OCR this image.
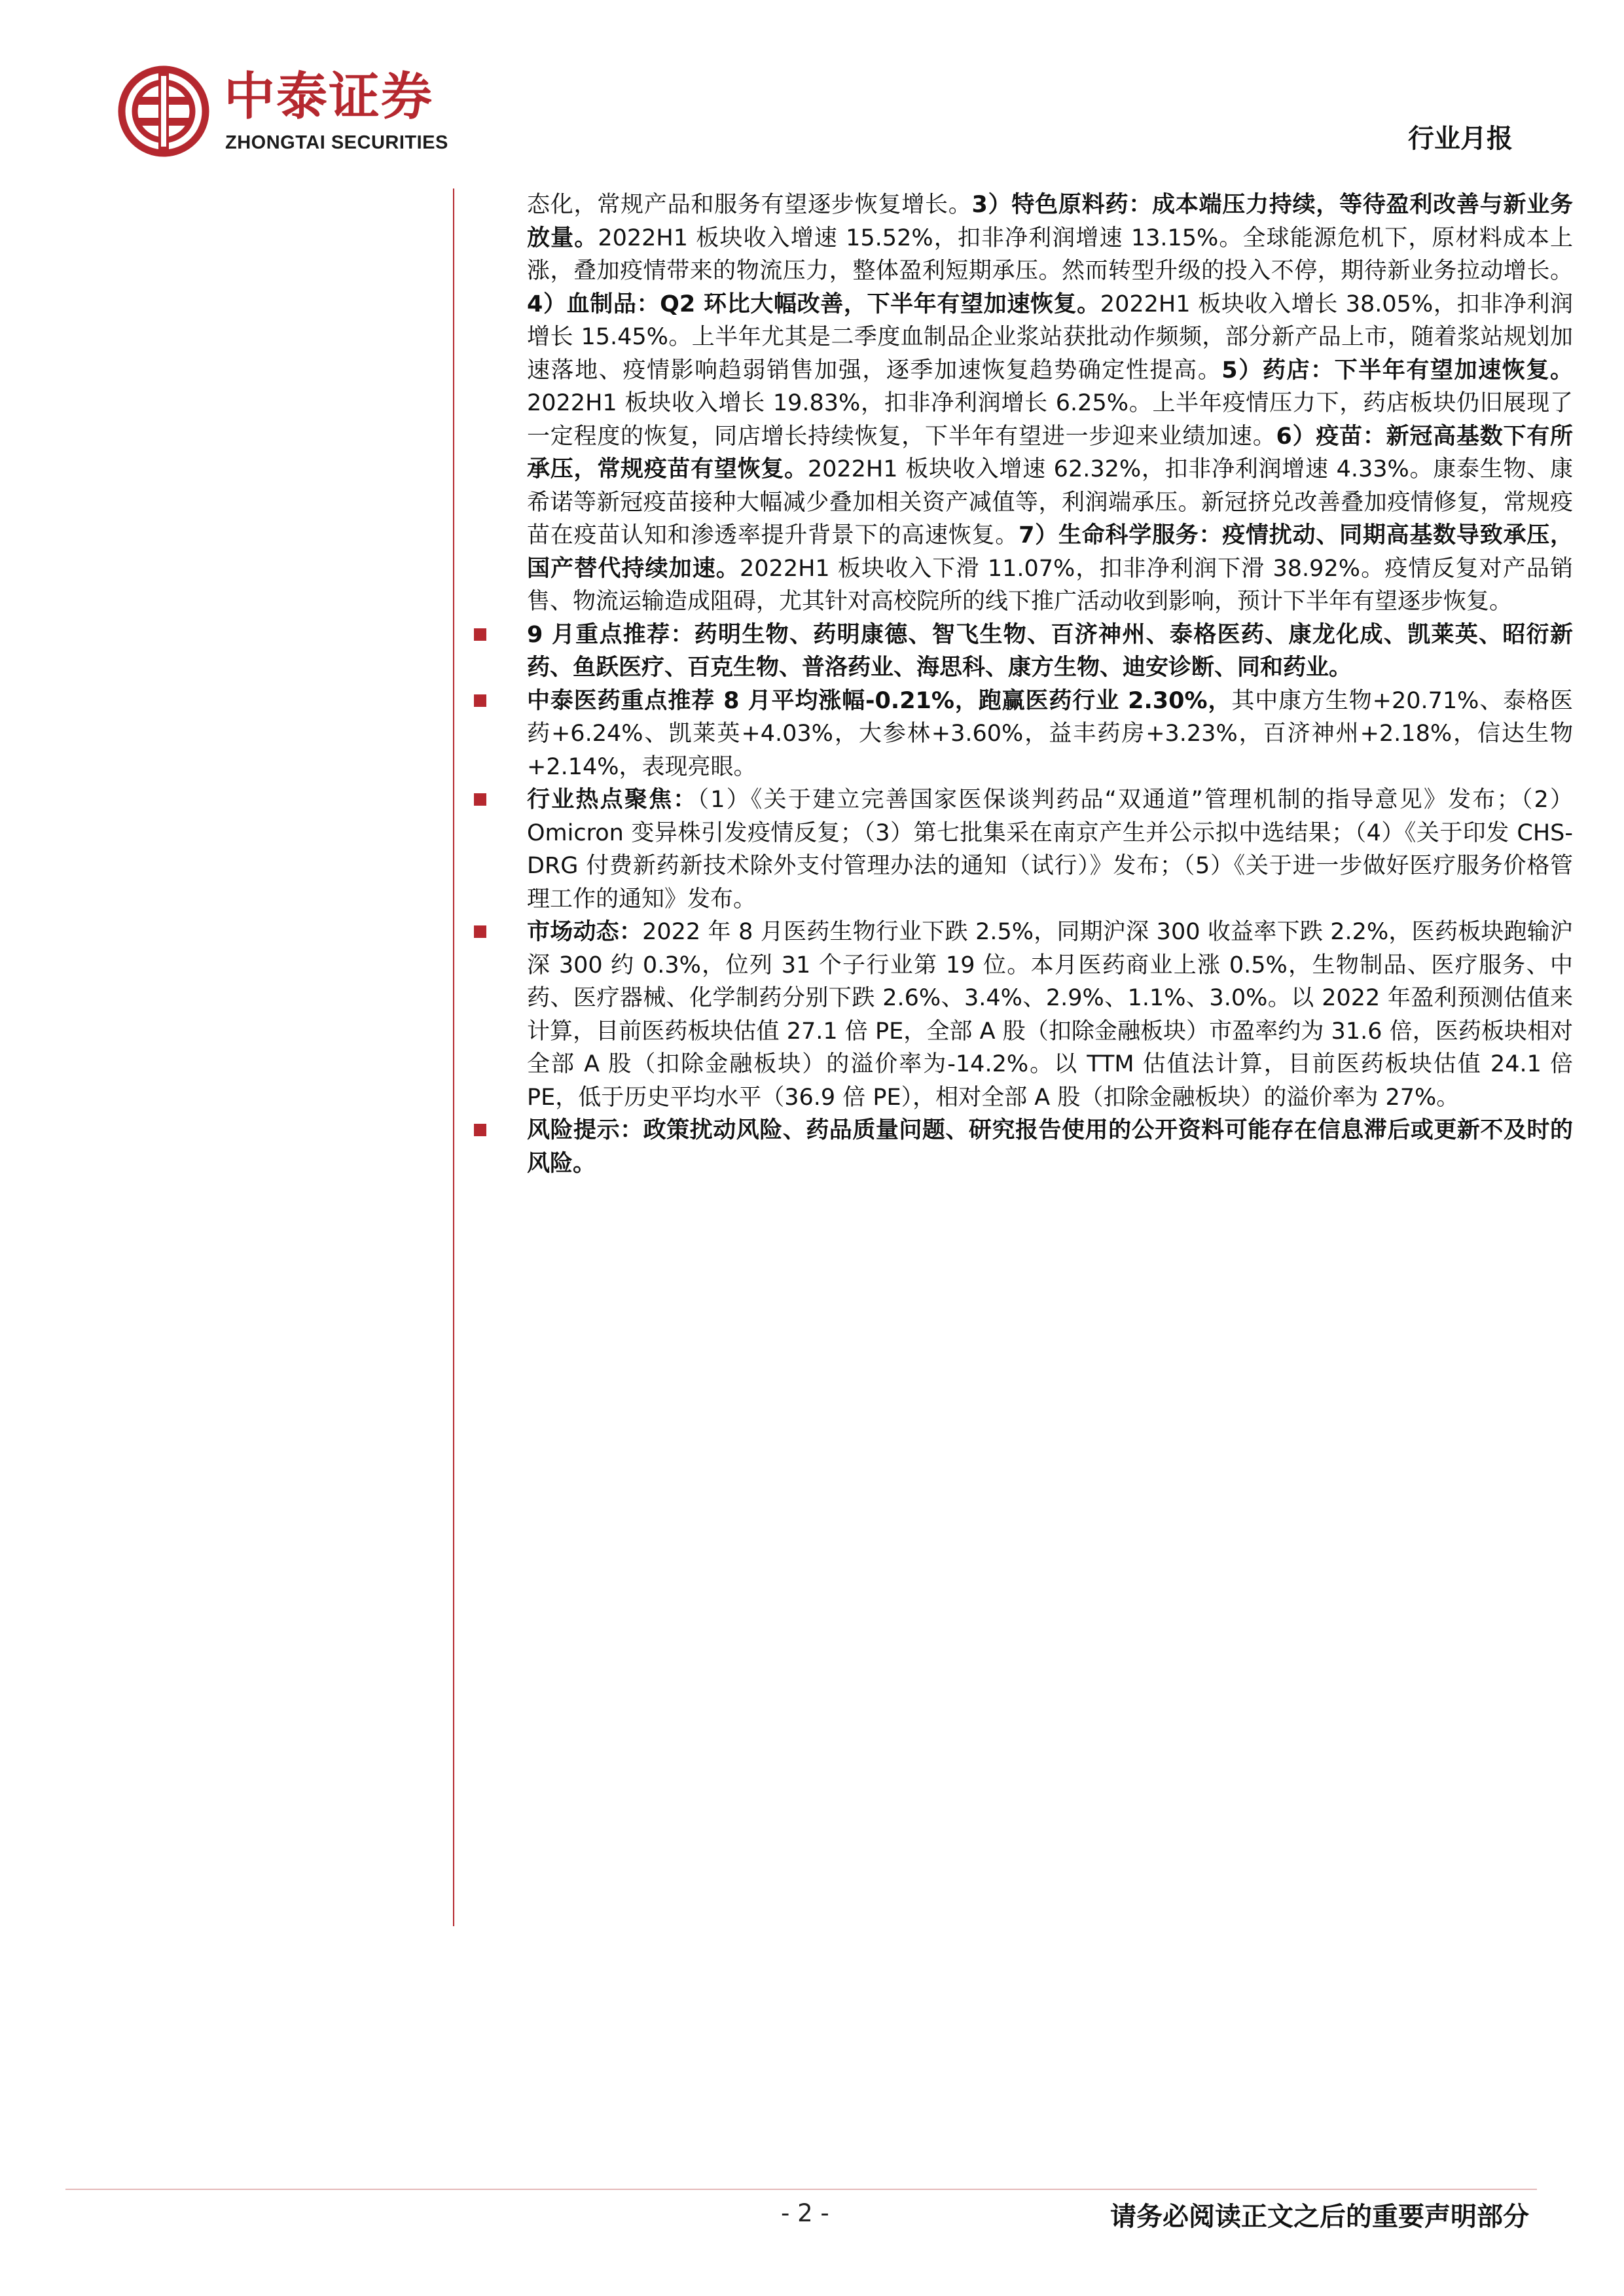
中泰证券
ZHONGTAI SECURITIES	行业月报

态化，常规产品和服务有望逐步恢复增长。3）特色原料药：成本端压力持续，等待盈利改善与新业务放量。2022H1 板块收入增速 15.52%，扣非净利润增速 13.15%。全球能源危机下，原材料成本上涨，叠加疫情带来的物流压力，整体盈利短期承压。然而转型升级的投入不停，期待新业务拉动增长。4）血制品：Q2 环比大幅改善，下半年有望加速恢复。2022H1 板块收入增长 38.05%，扣非净利润增长 15.45%。上半年尤其是二季度血制品企业浆站获批动作频频，部分新产品上市，随着浆站规划加速落地、疫情影响趋弱销售加强，逐季加速恢复趋势确定性提高。5）药店：下半年有望加速恢复。2022H1 板块收入增长 19.83%，扣非净利润增长 6.25%。上半年疫情压力下，药店板块仍旧展现了一定程度的恢复，同店增长持续恢复，下半年有望进一步迎来业绩加速。6）疫苗：新冠高基数下有所承压，常规疫苗有望恢复。2022H1 板块收入增速 62.32%，扣非净利润增速 4.33%。康泰生物、康希诺等新冠疫苗接种大幅减少叠加相关资产减值等，利润端承压。新冠挤兑改善叠加疫情修复，常规疫苗在疫苗认知和渗透率提升背景下的高速恢复。7）生命科学服务：疫情扰动、同期高基数导致承压，国产替代持续加速。2022H1 板块收入下滑 11.07%，扣非净利润下滑 38.92%。疫情反复对产品销售、物流运输造成阻碍，尤其针对高校院所的线下推广活动收到影响，预计下半年有望逐步恢复。

9 月重点推荐：药明生物、药明康德、智飞生物、百济神州、泰格医药、康龙化成、凯莱英、昭衍新药、鱼跃医疗、百克生物、普洛药业、海思科、康方生物、迪安诊断、同和药业。

中泰医药重点推荐 8 月平均涨幅-0.21%，跑赢医药行业 2.30%，其中康方生物+20.71%、泰格医药+6.24%、凯莱英+4.03%，大参林+3.60%，益丰药房+3.23%，百济神州+2.18%，信达生物+2.14%，表现亮眼。

行业热点聚焦：（1）《关于建立完善国家医保谈判药品“双通道”管理机制的指导意见》发布；（2）Omicron 变异株引发疫情反复；（3）第七批集采在南京产生并公示拟中选结果；（4）《关于印发 CHS-DRG 付费新药新技术除外支付管理办法的通知（试行）》发布；（5）《关于进一步做好医疗服务价格管理工作的通知》发布。

市场动态：2022 年 8 月医药生物行业下跌 2.5%，同期沪深 300 收益率下跌 2.2%，医药板块跑输沪深 300 约 0.3%，位列 31 个子行业第 19 位。本月医药商业上涨 0.5%，生物制品、医疗服务、中药、医疗器械、化学制药分别下跌 2.6%、3.4%、2.9%、1.1%、3.0%。以 2022 年盈利预测估值来计算，目前医药板块估值 27.1 倍 PE，全部 A 股（扣除金融板块）市盈率约为 31.6 倍，医药板块相对全部 A 股（扣除金融板块）的溢价率为-14.2%。以 TTM 估值法计算，目前医药板块估值 24.1 倍 PE，低于历史平均水平（36.9 倍 PE），相对全部 A 股（扣除金融板块）的溢价率为 27%。

风险提示：政策扰动风险、药品质量问题、研究报告使用的公开资料可能存在信息滞后或更新不及时的风险。

- 2 -	请务必阅读正文之后的重要声明部分
